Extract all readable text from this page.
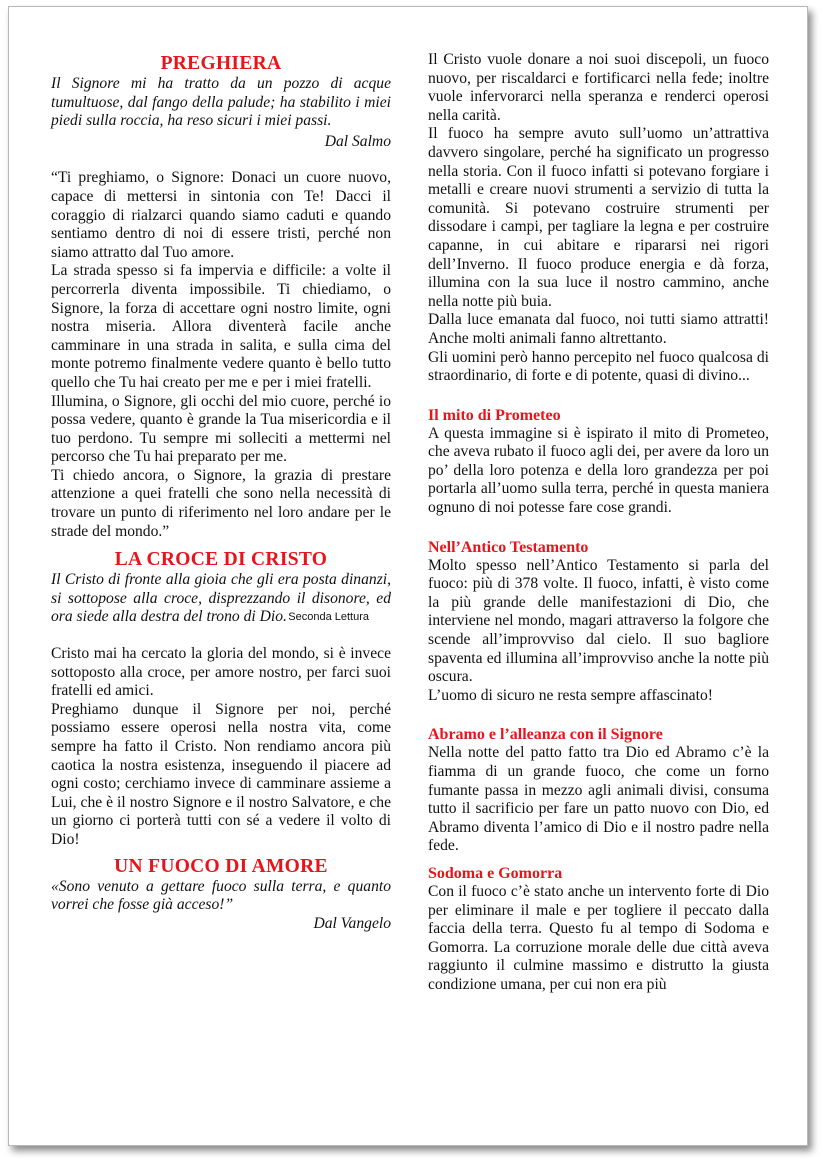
PREGHIERA

Il Signore mi ha tratto da un pozzo di acque tumultuose, dal fango della palude; ha stabilito i miei piedi sulla roccia, ha reso sicuri i miei passi.

Dal Salmo

“Ti preghiamo, o Signore: Donaci un cuore nuovo, capace di mettersi in sintonia con Te! Dacci il coraggio di rialzarci quando siamo caduti e quando sentiamo dentro di noi di essere tristi, perché non siamo attratto dal Tuo amore.

La strada spesso si fa impervia e difficile: a volte il percorrerla diventa impossibile. Ti chiediamo, o Signore, la forza di accettare ogni nostro limite, ogni nostra miseria. Allora diventerà facile anche camminare in una strada in salita, e sulla cima del monte potremo finalmente vedere quanto è bello tutto quello che Tu hai creato per me e per i miei fratelli.

Illumina, o Signore, gli occhi del mio cuore, perché io possa vedere, quanto è grande la Tua misericordia e il tuo perdono. Tu sempre mi solleciti a mettermi nel percorso che Tu hai preparato per me.

Ti chiedo ancora, o Signore, la grazia di prestare attenzione a quei fratelli che sono nella necessità di trovare un punto di riferimento nel loro andare per le strade del mondo.”

LA CROCE DI CRISTO

Il Cristo di fronte alla gioia che gli era posta dinanzi, si sottopose alla croce, disprezzando il disonore, ed ora siede alla destra del trono di Dio. Seconda Lettura

Cristo mai ha cercato la gloria del mondo, si è invece sottoposto alla croce, per amore nostro, per farci suoi fratelli ed amici.

Preghiamo dunque il Signore per noi, perché possiamo essere operosi nella nostra vita, come sempre ha fatto il Cristo. Non rendiamo ancora più caotica la nostra esistenza, inseguendo il piacere ad ogni costo; cerchiamo invece di camminare assieme a Lui, che è il nostro Signore e il nostro Salvatore, e che un giorno ci porterà tutti con sé a vedere il volto di Dio!

UN FUOCO DI AMORE

«Sono venuto a gettare fuoco sulla terra, e quanto vorrei che fosse già acceso!”

Dal Vangelo

Il Cristo vuole donare a noi suoi discepoli, un fuoco nuovo, per riscaldarci e fortificarci nella fede; inoltre vuole infervorarci nella speranza e renderci operosi nella carità.

Il fuoco ha sempre avuto sull’uomo un’attrattiva davvero singolare, perché ha significato un progresso nella storia. Con il fuoco infatti si potevano forgiare i metalli e creare nuovi strumenti a servizio di tutta la comunità. Si potevano costruire strumenti per dissodare i campi, per tagliare la legna e per costruire capanne, in cui abitare e ripararsi nei rigori dell’Inverno. Il fuoco produce energia e dà forza, illumina con la sua luce il nostro cammino, anche nella notte più buia.

Dalla luce emanata dal fuoco, noi tutti siamo attratti! Anche molti animali fanno altrettanto.

Gli uomini però hanno percepito nel fuoco qualcosa di straordinario, di forte e di potente, quasi di divino...

Il mito di Prometeo

A questa immagine si è ispirato il mito di Prometeo, che aveva rubato il fuoco agli dei, per avere da loro un po’ della loro potenza e della loro grandezza per poi portarla all’uomo sulla terra, perché in questa maniera ognuno di noi potesse fare cose grandi.

Nell’Antico Testamento

Molto spesso nell’Antico Testamento si parla del fuoco: più di 378 volte. Il fuoco, infatti, è visto come la più grande delle manifestazioni di Dio, che interviene nel mondo, magari attraverso la folgore che scende all’improvviso dal cielo. Il suo bagliore spaventa ed illumina all’improvviso anche la notte più oscura.

L’uomo di sicuro ne resta sempre affascinato!

Abramo e l’alleanza con il Signore

Nella notte del patto fatto tra Dio ed Abramo c’è la fiamma di un grande fuoco, che come un forno fumante passa in mezzo agli animali divisi, consuma tutto il sacrificio per fare un patto nuovo con Dio, ed Abramo diventa l’amico di Dio e il nostro padre nella fede.

Sodoma e Gomorra

Con il fuoco c’è stato anche un intervento forte di Dio per eliminare il male e per togliere il peccato dalla faccia della terra. Questo fu al tempo di Sodoma e Gomorra. La corruzione morale delle due città aveva raggiunto il culmine massimo e distrutto la giusta condizione umana, per cui non era più
